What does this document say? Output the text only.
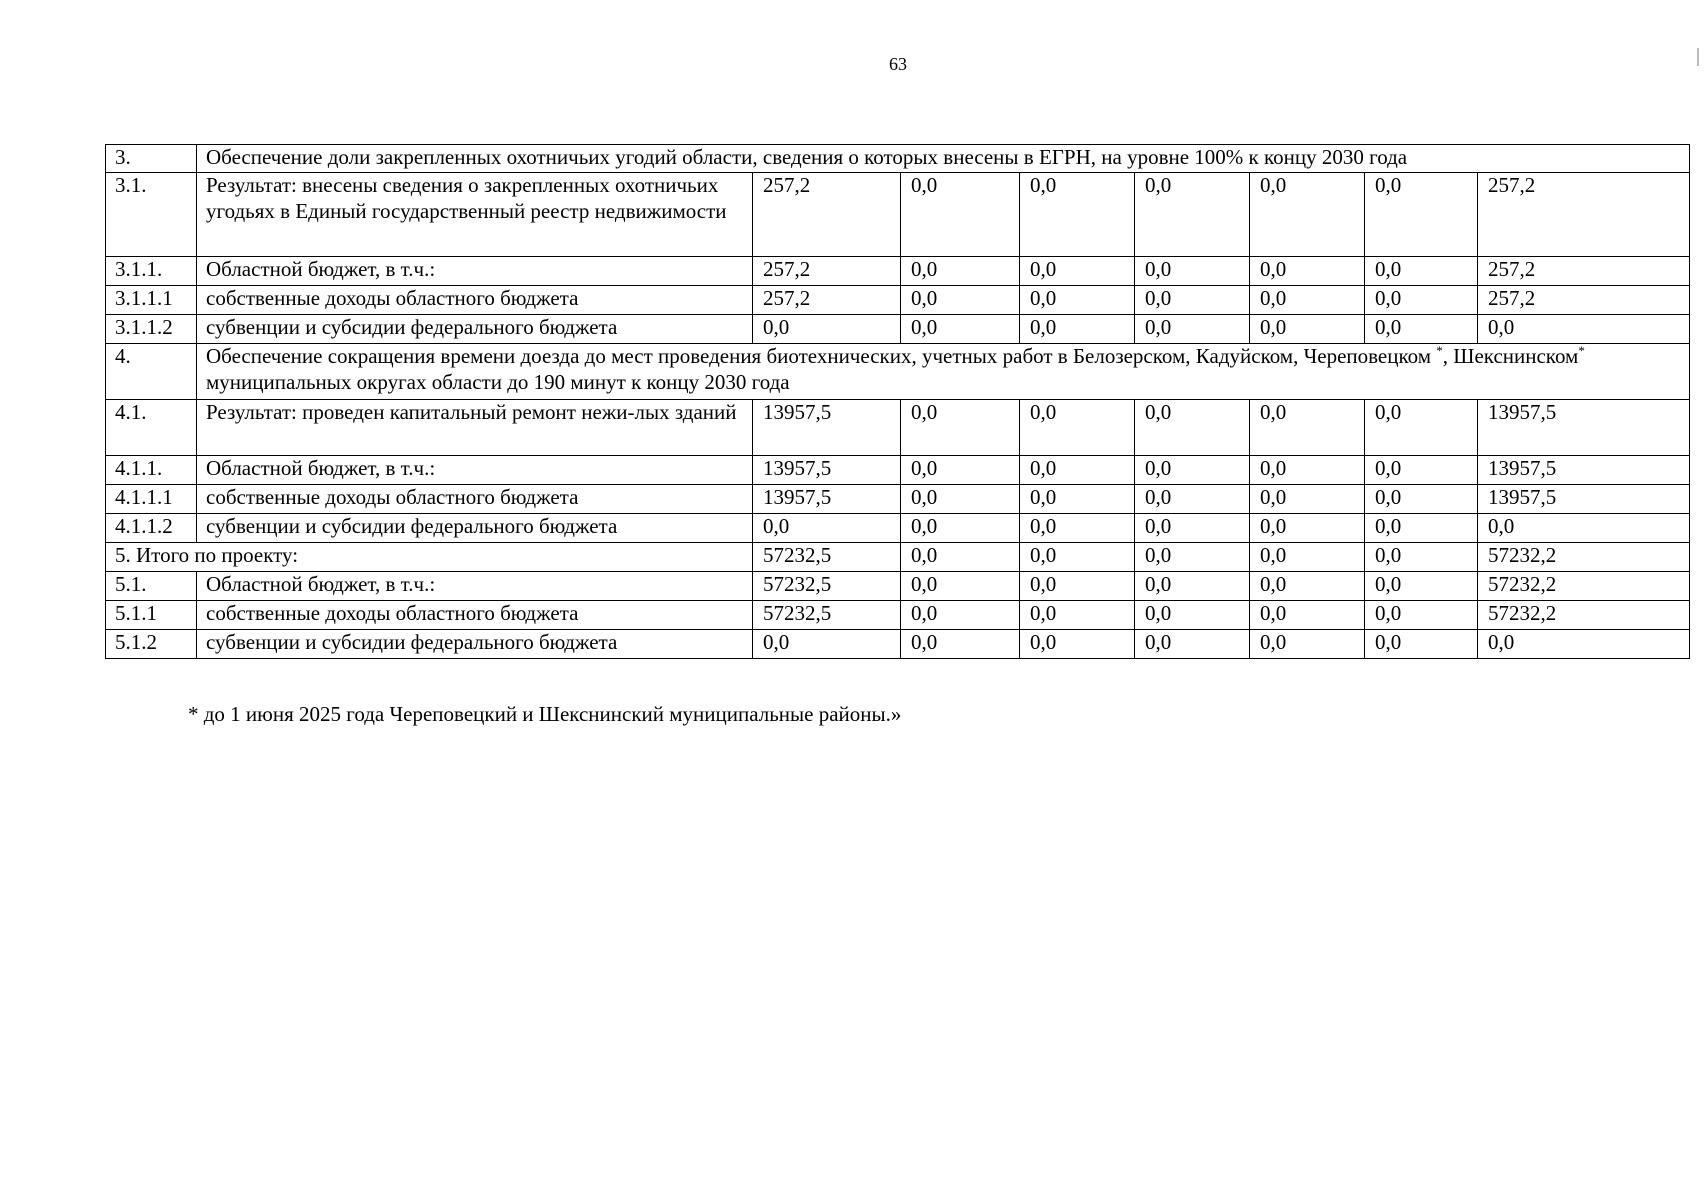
63
3.	Обеспечение доли закрепленных охотничьих угодий области, сведения о которых внесены в ЕГРН, на уровне 100% к концу 2030 года							
3.1.	Результат: внесены сведения о закрепленных охотничьих угодьях в Единый государственный реестр недвижимости	257,2	0,0	0,0	0,0	0,0	0,0	257,2
3.1.1.	Областной бюджет, в т.ч.:	257,2	0,0	0,0	0,0	0,0	0,0	257,2
3.1.1.1	собственные доходы областного бюджета	257,2	0,0	0,0	0,0	0,0	0,0	257,2
3.1.1.2	субвенции и субсидии федерального бюджета	0,0	0,0	0,0	0,0	0,0	0,0	0,0
4.	Обеспечение сокращения времени доезда до мест проведения биотехнических, учетных работ в Белозерском, Кадуйском, Череповецком *, Шекснинском* муниципальных округах области до 190 минут к концу 2030 года							
4.1.	Результат: проведен капитальный ремонт нежи-лых зданий	13957,5	0,0	0,0	0,0	0,0	0,0	13957,5
4.1.1.	Областной бюджет, в т.ч.:	13957,5	0,0	0,0	0,0	0,0	0,0	13957,5
4.1.1.1	собственные доходы областного бюджета	13957,5	0,0	0,0	0,0	0,0	0,0	13957,5
4.1.1.2	субвенции и субсидии федерального бюджета	0,0	0,0	0,0	0,0	0,0	0,0	0,0
5. Итого по проекту:		57232,5	0,0	0,0	0,0	0,0	0,0	57232,2
5.1.	Областной бюджет, в т.ч.:	57232,5	0,0	0,0	0,0	0,0	0,0	57232,2
5.1.1	собственные доходы областного бюджета	57232,5	0,0	0,0	0,0	0,0	0,0	57232,2
5.1.2	субвенции и субсидии федерального бюджета	0,0	0,0	0,0	0,0	0,0	0,0	0,0
* до 1 июня 2025 года Череповецкий и Шекснинский муниципальные районы.»
